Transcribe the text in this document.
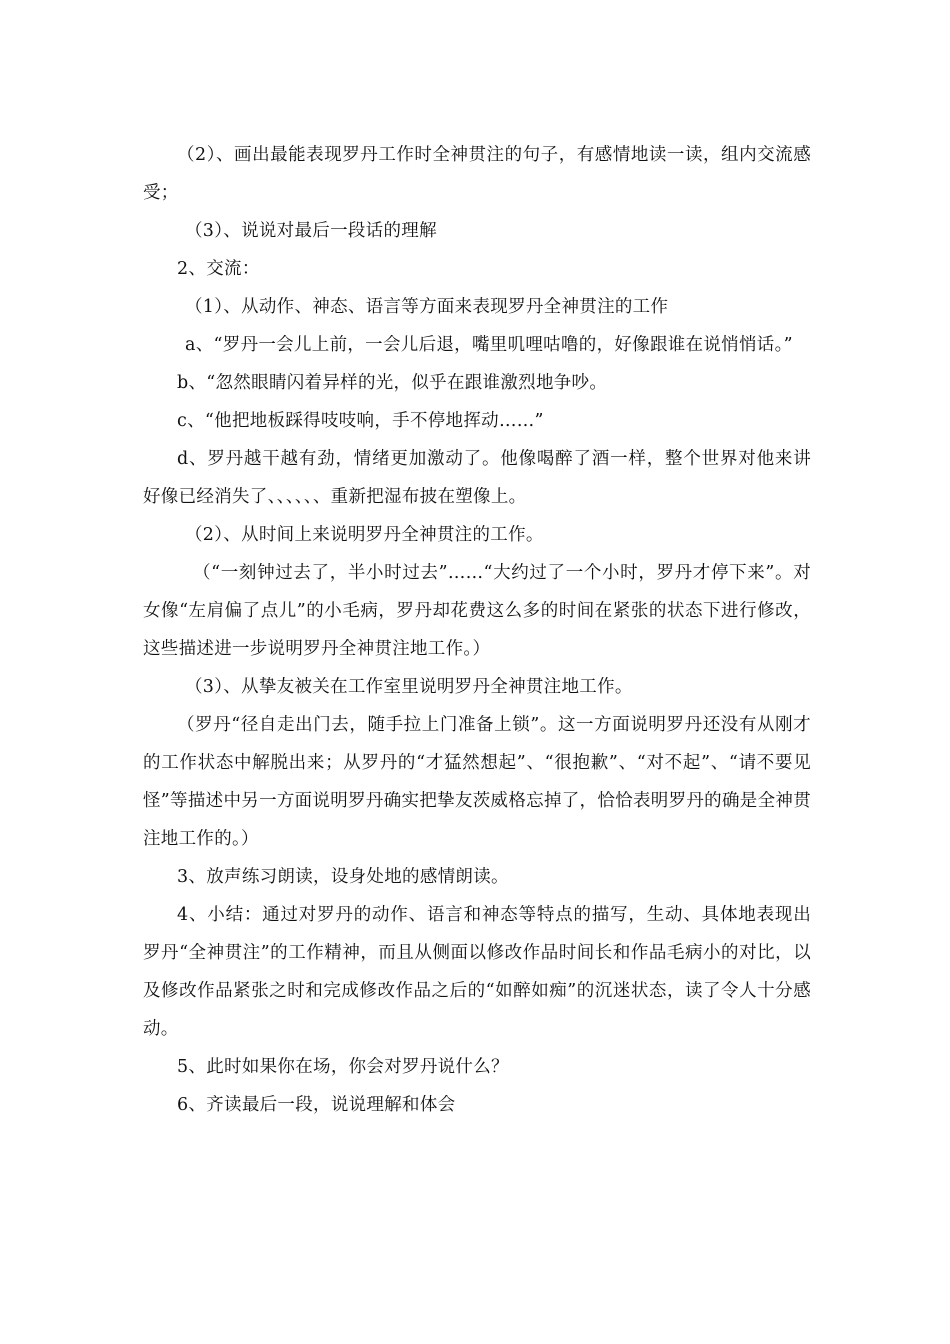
（2）、画出最能表现罗丹工作时全神贯注的句子，有感情地读一读，组内交流感受；

（3）、说说对最后一段话的理解

2、交流：

（1）、从动作、神态、语言等方面来表现罗丹全神贯注的工作

a、“罗丹一会儿上前，一会儿后退，嘴里叽哩咕噜的，好像跟谁在说悄悄话。”

b、“忽然眼睛闪着异样的光，似乎在跟谁激烈地争吵。

c、“他把地板踩得吱吱响，手不停地挥动……”

d、罗丹越干越有劲，情绪更加激动了。他像喝醉了酒一样，整个世界对他来讲好像已经消失了、、、、、、重新把湿布披在塑像上。

（2）、从时间上来说明罗丹全神贯注的工作。

（“一刻钟过去了，半小时过去”……“大约过了一个小时，罗丹才停下来”。对女像“左肩偏了点儿”的小毛病，罗丹却花费这么多的时间在紧张的状态下进行修改，这些描述进一步说明罗丹全神贯注地工作。）

（3）、从挚友被关在工作室里说明罗丹全神贯注地工作。

（罗丹“径自走出门去，随手拉上门准备上锁”。这一方面说明罗丹还没有从刚才的工作状态中解脱出来；从罗丹的“才猛然想起”、“很抱歉”、“对不起”、“请不要见怪”等描述中另一方面说明罗丹确实把挚友茨威格忘掉了，恰恰表明罗丹的确是全神贯注地工作的。）

3、放声练习朗读，设身处地的感情朗读。

4、小结：通过对罗丹的动作、语言和神态等特点的描写，生动、具体地表现出罗丹“全神贯注”的工作精神，而且从侧面以修改作品时间长和作品毛病小的对比，以及修改作品紧张之时和完成修改作品之后的“如醉如痴”的沉迷状态，读了令人十分感动。

5、此时如果你在场，你会对罗丹说什么？

6、齐读最后一段，说说理解和体会
